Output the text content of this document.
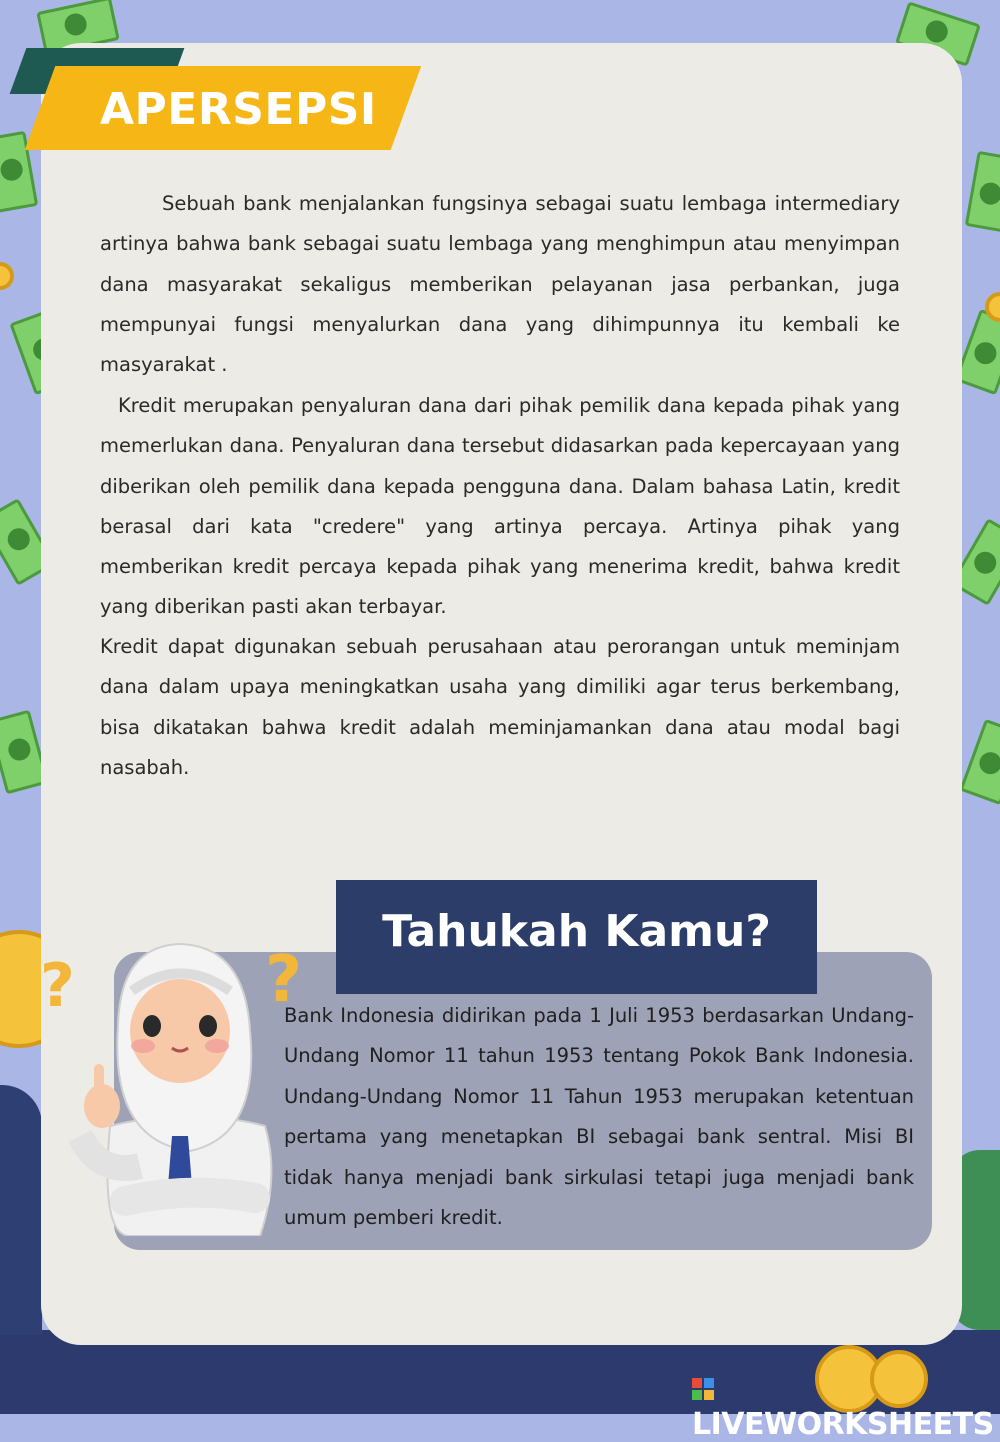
APERSEPSI

Sebuah bank menjalankan fungsinya sebagai suatu lembaga intermediary artinya bahwa bank sebagai suatu lembaga yang menghimpun atau menyimpan dana masyarakat sekaligus memberikan pelayanan jasa perbankan, juga mempunyai fungsi menyalurkan dana yang dihimpunnya itu kembali ke masyarakat .

Kredit merupakan penyaluran dana dari pihak pemilik dana kepada pihak yang memerlukan dana. Penyaluran dana tersebut didasarkan pada kepercayaan yang diberikan oleh pemilik dana kepada pengguna dana. Dalam bahasa Latin, kredit berasal dari kata "credere" yang artinya percaya. Artinya pihak yang memberikan kredit percaya kepada pihak yang menerima kredit, bahwa kredit yang diberikan pasti akan terbayar.

Kredit dapat digunakan sebuah perusahaan atau perorangan untuk meminjam dana dalam upaya meningkatkan usaha yang dimiliki agar terus berkembang, bisa dikatakan bahwa kredit adalah meminjamankan dana atau modal bagi nasabah.

Tahukah Kamu?

Bank Indonesia didirikan pada 1 Juli 1953 berdasarkan Undang-Undang Nomor 11 tahun 1953 tentang Pokok Bank Indonesia. Undang-Undang Nomor 11 Tahun 1953 merupakan ketentuan pertama yang menetapkan BI sebagai bank sentral. Misi BI tidak hanya menjadi bank sirkulasi tetapi juga menjadi bank umum pemberi kredit.

?	?

LIVEWORKSHEETS
